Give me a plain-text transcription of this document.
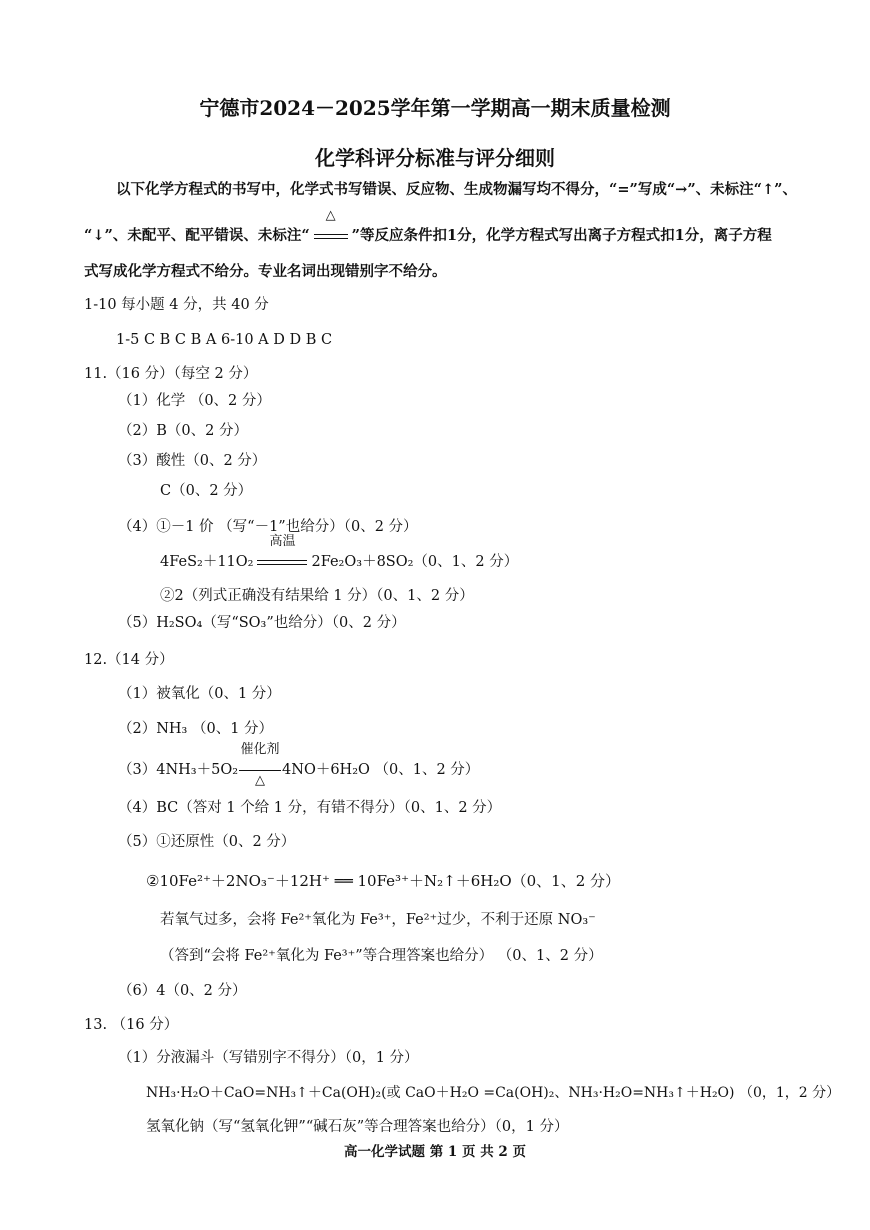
宁德市2024－2025学年第一学期高一期末质量检测
化学科评分标准与评分细则
以下化学方程式的书写中，化学式书写错误、反应物、生成物漏写均不得分，“=”写成“→”、未标注“↑”、
“↓”、未配平、配平错误、未标注“
△
”等反应条件扣1分，化学方程式写出离子方程式扣1分，离子方程
式写成化学方程式不给分。专业名词出现错别字不给分。
1-10 每小题 4 分，共 40 分
1-5 C B C B A 6-10 A D D B C
11.（16 分）（每空 2 分）
（1）化学 （0、2 分）
（2）B（0、2 分）
（3）酸性（0、2 分）
C（0、2 分）
（4）①－1 价 （写“－1”也给分）（0、2 分）
4FeS₂＋11O₂
高温
2Fe₂O₃＋8SO₂（0、1、2 分）
②2（列式正确没有结果给 1 分）（0、1、2 分）
（5）H₂SO₄（写“SO₃”也给分）（0、2 分）
12.（14 分）
（1）被氧化（0、1 分）
（2）NH₃ （0、1 分）
（3）4NH₃＋5O₂
催化剂
△
4NO＋6H₂O （0、1、2 分）
（4）BC（答对 1 个给 1 分，有错不得分）（0、1、2 分）
（5）①还原性（0、2 分）
②10Fe²⁺＋2NO₃⁻＋12H⁺ ══ 10Fe³⁺＋N₂↑＋6H₂O（0、1、2 分）
若氧气过多，会将 Fe²⁺氧化为 Fe³⁺，Fe²⁺过少，不利于还原 NO₃⁻
（答到“会将 Fe²⁺氧化为 Fe³⁺”等合理答案也给分） （0、1、2 分）
（6）4（0、2 分）
13. （16 分）
（1）分液漏斗（写错别字不得分）（0，1 分）
NH₃·H₂O＋CaO=NH₃↑＋Ca(OH)₂(或 CaO＋H₂O =Ca(OH)₂、NH₃·H₂O=NH₃↑＋H₂O) （0，1，2 分）
氢氧化钠（写“氢氧化钾”“碱石灰”等合理答案也给分）（0，1 分）
高一化学试题 第 1 页 共 2 页
